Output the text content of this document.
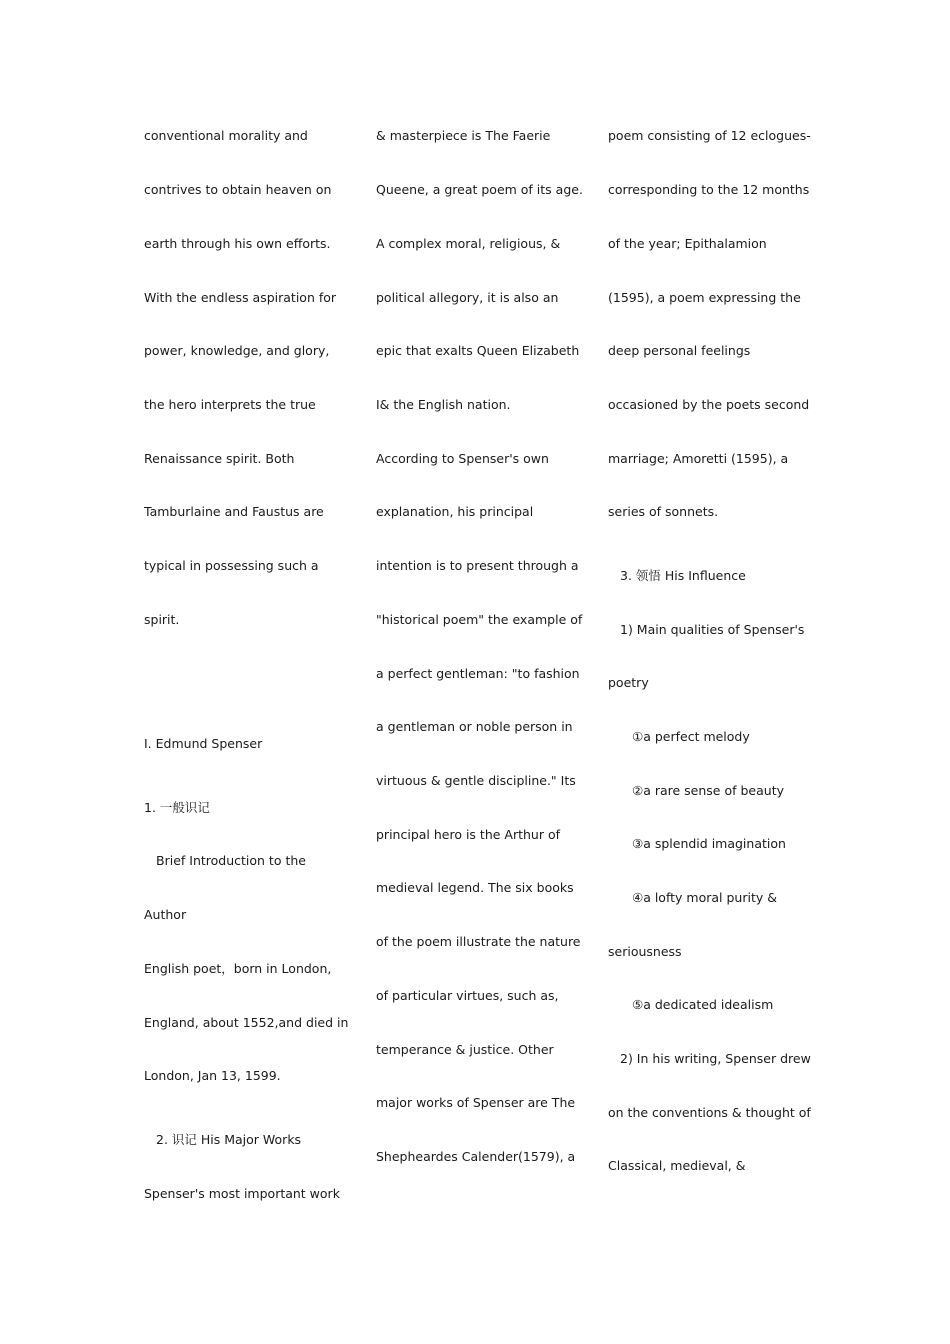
conventional morality and
contrives to obtain heaven on
earth through his own efforts.
With the endless aspiration for
power, knowledge, and glory,
the hero interprets the true
Renaissance spirit. Both
Tamburlaine and Faustus are
typical in possessing such a
spirit.
I. Edmund Spenser
1. 一般识记
Brief Introduction to the
Author
English poet，born in London,
England, about 1552,and died in
London, Jan 13, 1599.
2. 识记 His Major Works
Spenser's most important work
& masterpiece is The Faerie
Queene, a great poem of its age.
A complex moral, religious, &
political allegory, it is also an
epic that exalts Queen Elizabeth
Ⅰ& the English nation.
According to Spenser's own
explanation, his principal
intention is to present through a
"historical poem" the example of
a perfect gentleman: "to fashion
a gentleman or noble person in
virtuous & gentle discipline." Its
principal hero is the Arthur of
medieval legend. The six books
of the poem illustrate the nature
of particular virtues, such as,
temperance & justice. Other
major works of Spenser are The
Shepheardes Calender(1579), a
poem consisting of 12 eclogues-
corresponding to the 12 months
of the year; Epithalamion
(1595), a poem expressing the
deep personal feelings
occasioned by the poets second
marriage; Amoretti (1595), a
series of sonnets.
3. 领悟 His Influence
1) Main qualities of Spenser's
poetry
①a perfect melody
②a rare sense of beauty
③a splendid imagination
④a lofty moral purity &
seriousness
⑤a dedicated idealism
2) In his writing, Spenser drew
on the conventions & thought of
Classical, medieval, &
